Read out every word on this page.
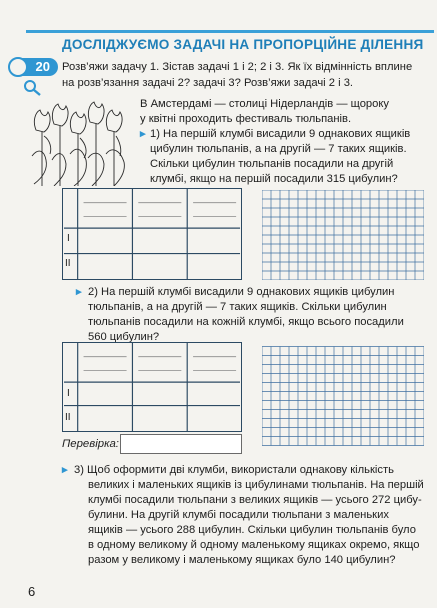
ДОСЛІДЖУЄМО ЗАДАЧІ НА ПРОПОРЦІЙНЕ ДІЛЕННЯ
20	Розв’яжи задачу 1. Зістав задачі 1 і 2; 2 і 3. Як їх відмінність вплине
на розв’язання задачі 2? задачі 3? Розв’яжи задачі 2 і 3.
В Амстердамі — столиці Нідерландів — щороку
у квітні проходить фестиваль тюльпанів.
▸ 1) На першій клумбі висадили 9 однакових ящиків
цибулин тюльпанів, а на другій — 7 таких ящиків.
Скільки цибулин тюльпанів посадили на другій
клумбі, якщо на першій посадили 315 цибулин?
І
ІІ
▸ 2) На першій клумбі висадили 9 однакових ящиків цибулин
тюльпанів, а на другій — 7 таких ящиків. Скільки цибулин
тюльпанів посадили на кожній клумбі, якщо всього посадили
560 цибулин?
І
ІІ
Перевірка:
▸ 3) Щоб оформити дві клумби, використали однакову кількість
великих і маленьких ящиків із цибулинами тюльпанів. На першій
клумбі посадили тюльпани з великих ящиків — усього 272 цибу-
булини. На другій клумбі посадили тюльпани з маленьких
ящиків — усього 288 цибулин. Скільки цибулин тюльпанів було
в одному великому й одному маленькому ящиках окремо, якщо
разом у великому і маленькому ящиках було 140 цибулин?
6
